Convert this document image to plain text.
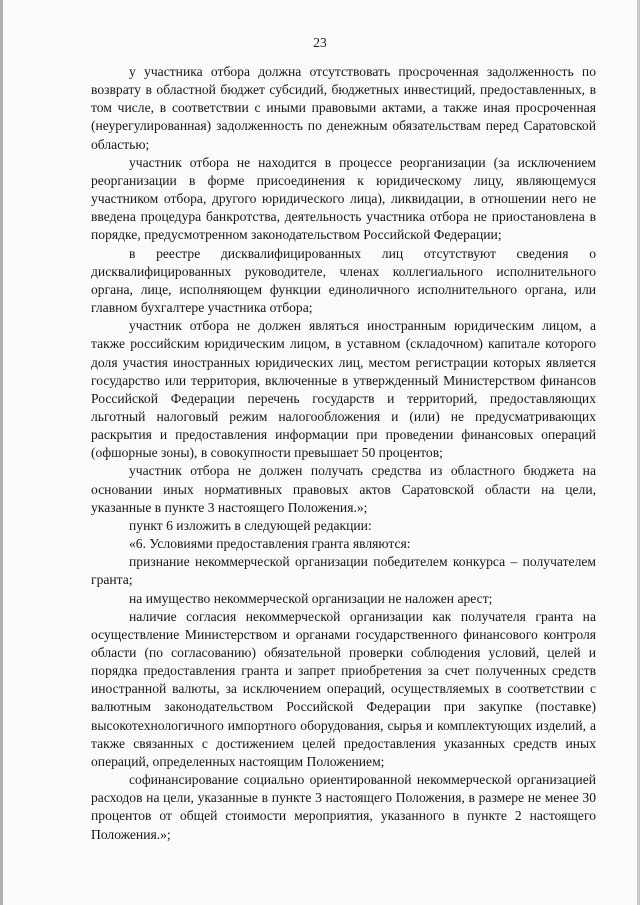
23

у участника отбора должна отсутствовать просроченная задолженность по возврату в областной бюджет субсидий, бюджетных инвестиций, предоставленных, в том числе, в соответствии с иными правовыми актами, а также иная просроченная (неурегулированная) задолженность по денежным обязательствам перед Саратовской областью;

участник отбора не находится в процессе реорганизации (за исключением реорганизации в форме присоединения к юридическому лицу, являющемуся участником отбора, другого юридического лица), ликвидации, в отношении него не введена процедура банкротства, деятельность участника отбора не приостановлена в порядке, предусмотренном законодательством Российской Федерации;

в реестре дисквалифицированных лиц отсутствуют сведения о дисквалифицированных руководителе, членах коллегиального исполнительного органа, лице, исполняющем функции единоличного исполнительного органа, или главном бухгалтере участника отбора;

участник отбора не должен являться иностранным юридическим лицом, а также российским юридическим лицом, в уставном (складочном) капитале которого доля участия иностранных юридических лиц, местом регистрации которых является государство или территория, включенные в утвержденный Министерством финансов Российской Федерации перечень государств и территорий, предоставляющих льготный налоговый режим налогообложения и (или) не предусматривающих раскрытия и предоставления информации при проведении финансовых операций (офшорные зоны), в совокупности превышает 50 процентов;

участник отбора не должен получать средства из областного бюджета на основании иных нормативных правовых актов Саратовской области на цели, указанные в пункте 3 настоящего Положения.»;

пункт 6 изложить в следующей редакции:

«6. Условиями предоставления гранта являются:

признание некоммерческой организации победителем конкурса – получателем гранта;

на имущество некоммерческой организации не наложен арест;

наличие согласия некоммерческой организации как получателя гранта на осуществление Министерством и органами государственного финансового контроля области (по согласованию) обязательной проверки соблюдения условий, целей и порядка предоставления гранта и запрет приобретения за счет полученных средств иностранной валюты, за исключением операций, осуществляемых в соответствии с валютным законодательством Российской Федерации при закупке (поставке) высокотехнологичного импортного оборудования, сырья и комплектующих изделий, а также связанных с достижением целей предоставления указанных средств иных операций, определенных настоящим Положением;

софинансирование социально ориентированной некоммерческой организацией расходов на цели, указанные в пункте 3 настоящего Положения, в размере не менее 30 процентов от общей стоимости мероприятия, указанного в пункте 2 настоящего Положения.»;
